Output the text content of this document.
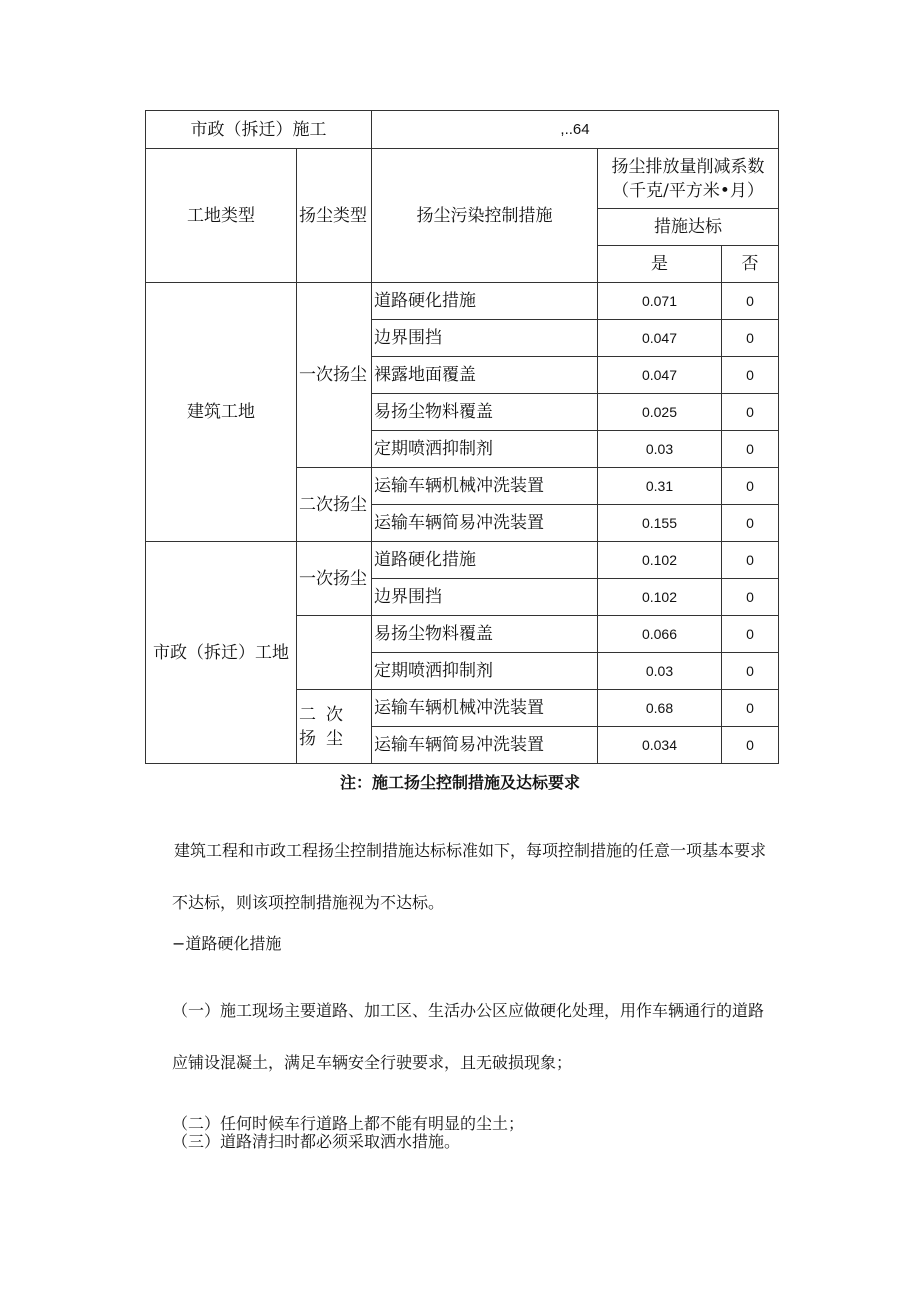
市政（拆迁）施工		,..64		
工地类型	扬尘类型	扬尘污染控制措施	扬尘排放量削减系数（千克/平方米•月）	
			措施达标	
			是	否
建筑工地	一次扬尘	道路硬化措施	0.071	0
		边界围挡	0.047	0
		裸露地面覆盖	0.047	0
		易扬尘物料覆盖	0.025	0
		定期喷洒抑制剂	0.03	0
	二次扬尘	运输车辆机械冲洗装置	0.31	0
		运输车辆简易冲洗装置	0.155	0
市政（拆迁）工地	一次扬尘	道路硬化措施	0.102	0
		边界围挡	0.102	0
		易扬尘物料覆盖	0.066	0
		定期喷洒抑制剂	0.03	0
	二次扬尘	运输车辆机械冲洗装置	0.68	0
		运输车辆简易冲洗装置	0.034	0
注：施工扬尘控制措施及达标要求
建筑工程和市政工程扬尘控制措施达标标准如下，每项控制措施的任意一项基本要求不达标，则该项控制措施视为不达标。
−道路硬化措施
（一）施工现场主要道路、加工区、生活办公区应做硬化处理，用作车辆通行的道路应铺设混凝土，满足车辆安全行驶要求，且无破损现象；
（二）任何时候车行道路上都不能有明显的尘土；
（三）道路清扫时都必须采取洒水措施。
